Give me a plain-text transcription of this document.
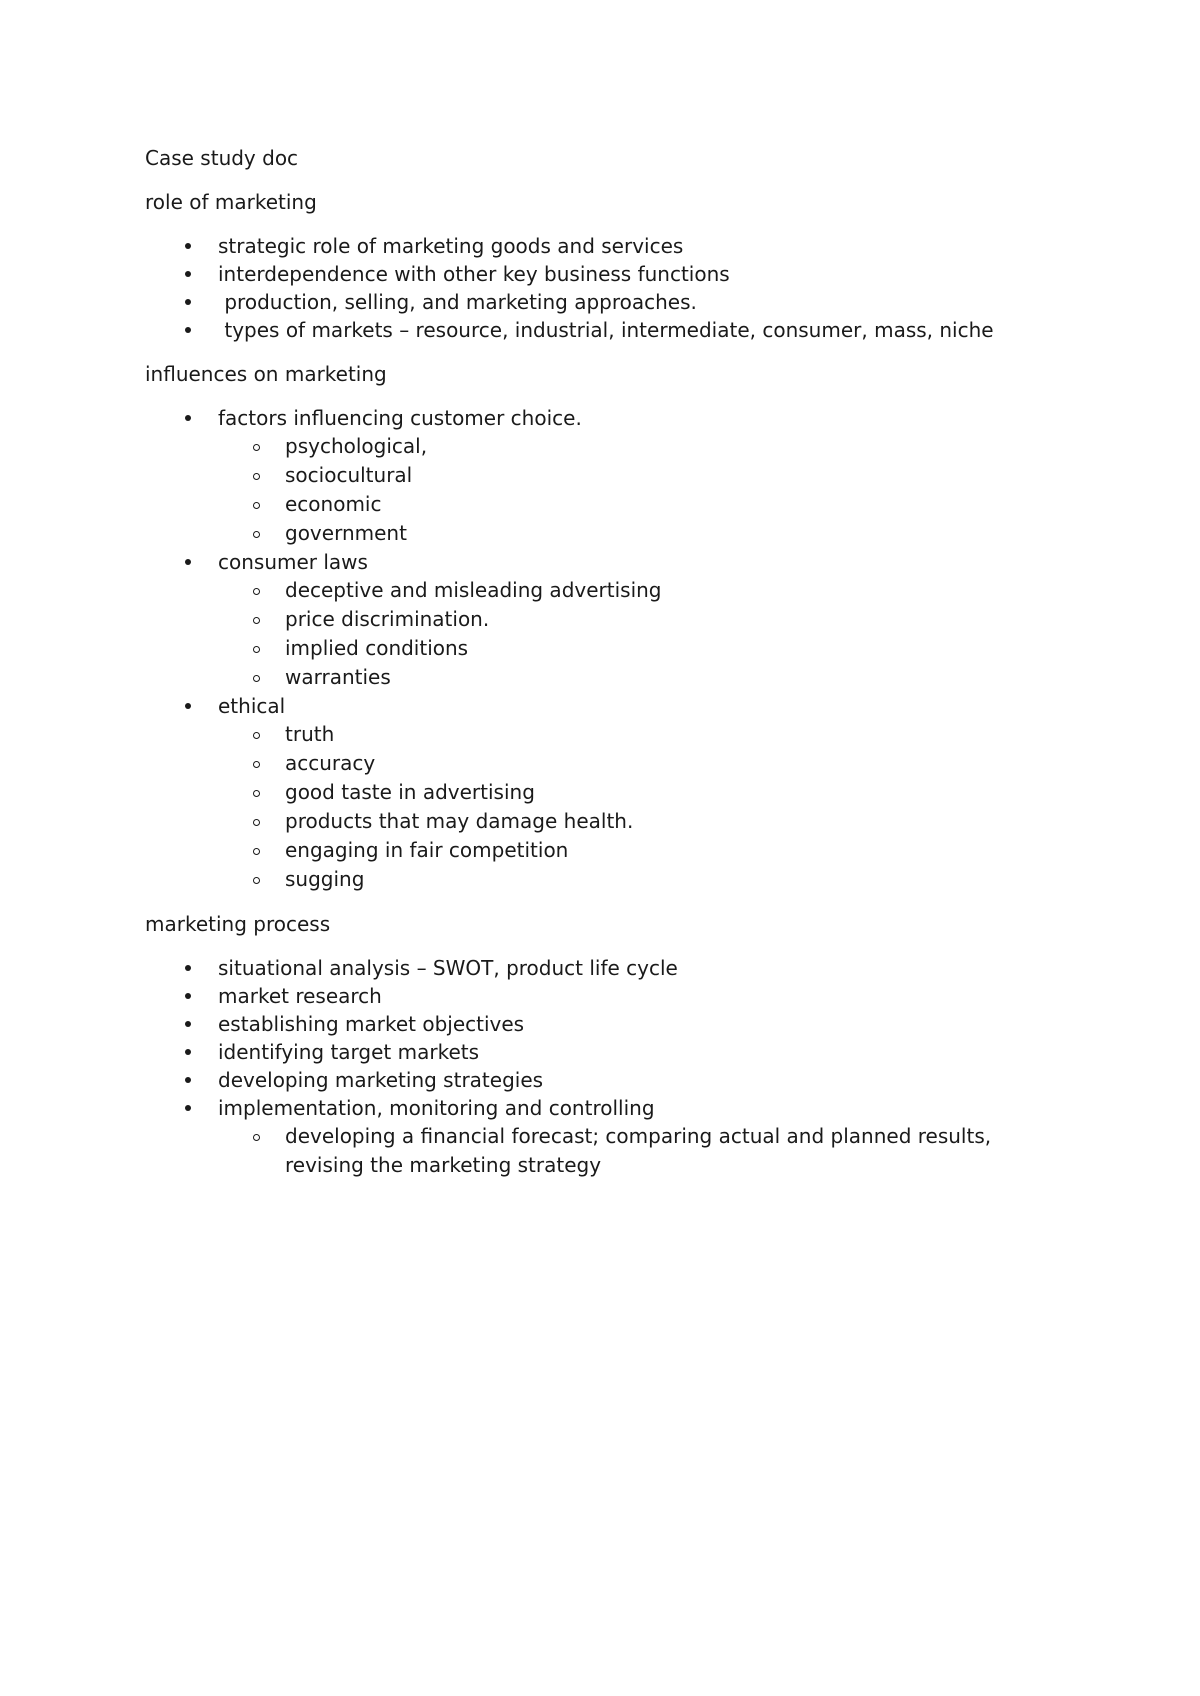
Case study doc
role of marketing
strategic role of marketing goods and services
interdependence with other key business functions
production, selling, and marketing approaches.
types of markets – resource, industrial, intermediate, consumer, mass, niche
influences on marketing
factors influencing customer choice.
psychological,
sociocultural
economic
government
consumer laws
deceptive and misleading advertising
price discrimination.
implied conditions
warranties
ethical
truth
accuracy
good taste in advertising
products that may damage health.
engaging in fair competition
sugging
marketing process
situational analysis – SWOT, product life cycle
market research
establishing market objectives
identifying target markets
developing marketing strategies
implementation, monitoring and controlling
developing a financial forecast; comparing actual and planned results, revising the marketing strategy
